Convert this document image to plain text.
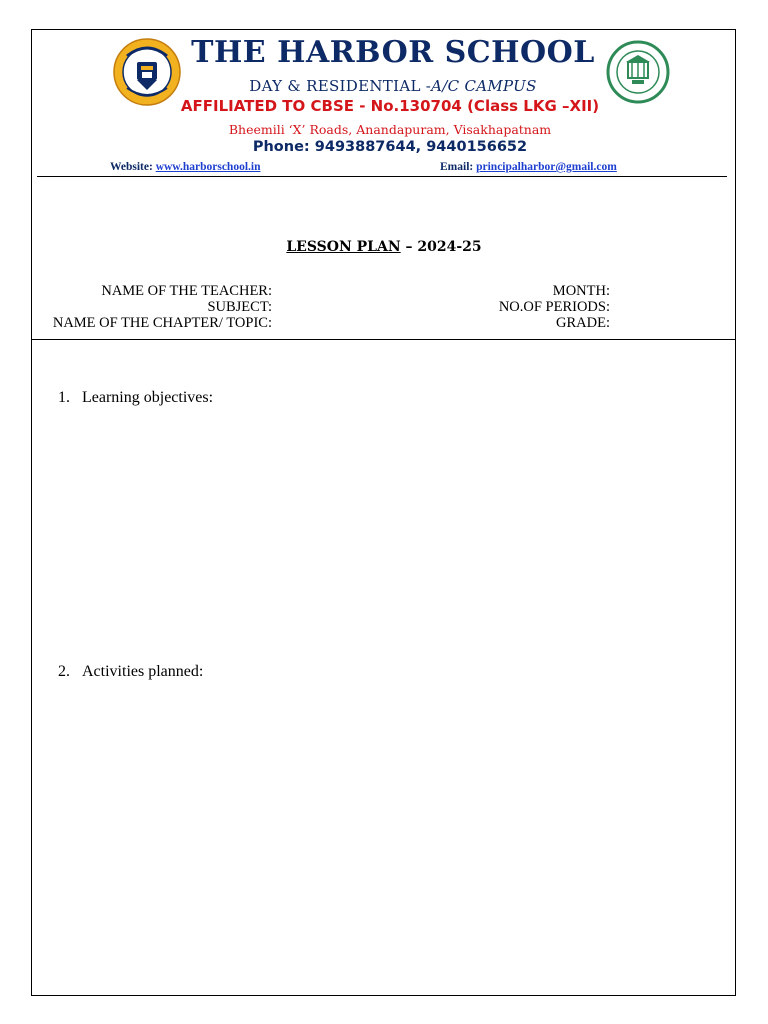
THE HARBOR SCHOOL
DAY & RESIDENTIAL -A/C CAMPUS
AFFILIATED TO CBSE - No.130704 (Class LKG –XII)
Bheemili ‘X’ Roads, Anandapuram, Visakhapatnam
Phone: 9493887644, 9440156652
Website: www.harborschool.in	Email: principalharbor@gmail.com
LESSON PLAN – 2024-25
NAME OF THE TEACHER:
SUBJECT:
NAME OF THE CHAPTER/ TOPIC:
MONTH:
NO.OF PERIODS:
GRADE:
1. Learning objectives:
2. Activities planned:
